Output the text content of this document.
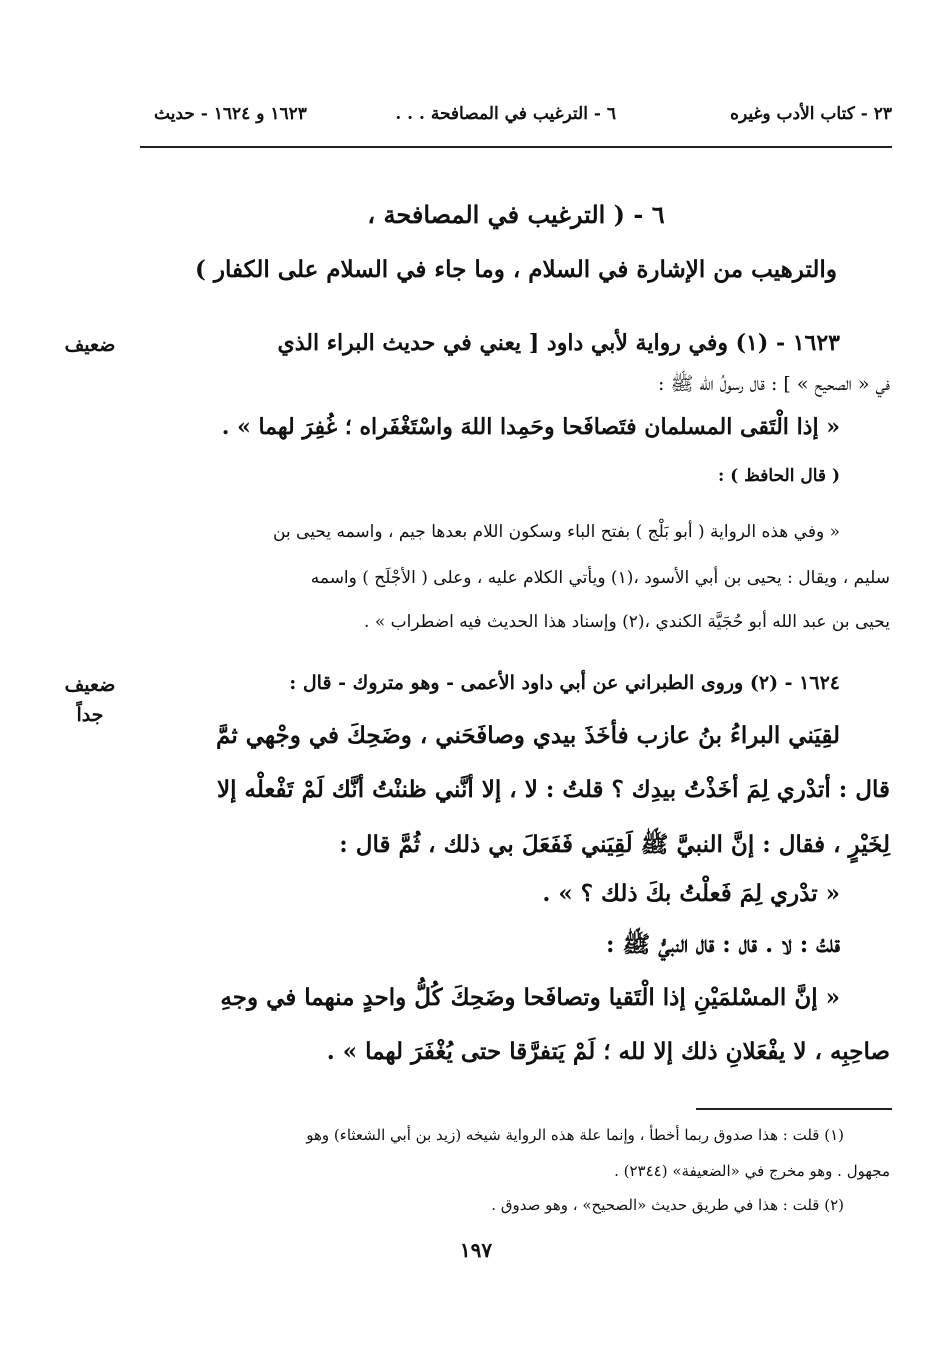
٢٣ - كتاب الأدب وغيره
٦ - الترغيب في المصافحة . . .
١٦٢٣ و ١٦٢٤ - حديث
٦ - ( الترغيب في المصافحة ،
والترهيب من الإشارة في السلام ، وما جاء في السلام على الكفار )
ضعيف	١٦٢٣ - (١) وفي رواية لأبي داود [ يعني في حديث البراء الذي
في « الصحيح » ] : قال رسولُ الله ﷺ :
« إذا الْتَقى المسلمان فتَصافَحا وحَمِدا اللهَ واسْتَغْفَراه ؛ غُفِرَ لهما » .
( قال الحافظ ) :
« وفي هذه الرواية ( أبو بَلْج ) بفتح الباء وسكون اللام بعدها جيم ، واسمه يحيى بن
سليم ، ويقال : يحيى بن أبي الأسود ،(١) ويأتي الكلام عليه ، وعلى ( الأجْلَح ) واسمه
يحيى بن عبد الله أبو حُجَيَّة الكندي ،(٢) وإسناد هذا الحديث فيه اضطراب » .
ضعيف
جداً
١٦٢٤ - (٢) وروى الطبراني عن أبي داود الأعمى - وهو متروك - قال :
لقِيَني البراءُ بنُ عازب فأخَذَ بيدي وصافَحَني ، وضَحِكَ في وجْهي ثمَّ
قال : أتدْري لِمَ أخَذْتُ بيدِك ؟ قلتُ : لا ، إلا أنَّني ظننْتُ أنَّك لَمْ تَفْعلْه إلا
لِخَيْرٍ ، فقال : إنَّ النبيَّ ﷺ لَقِيَني فَفَعَلَ بي ذلك ، ثُمَّ قال :
« تدْري لِمَ فَعلْتُ بكَ ذلك ؟ » .
قلتُ : لا . قال : قال النبيُّ ﷺ :
« إنَّ المسْلمَيْنِ إذا الْتَقيا وتصافَحا وضَحِكَ كُلُّ واحدٍ منهما في وجهِ
صاحِبِه ، لا يفْعَلانِ ذلك إلا لله ؛ لَمْ يَتفرَّقا حتى يُغْفَرَ لهما » .
(١) قلت : هذا صدوق ربما أخطأ ، وإنما علة هذه الرواية شيخه (زيد بن أبي الشعثاء) وهو
مجهول . وهو مخرج في «الضعيفة» (٢٣٤٤) .
(٢) قلت : هذا في طريق حديث «الصحيح» ، وهو صدوق .
١٩٧
